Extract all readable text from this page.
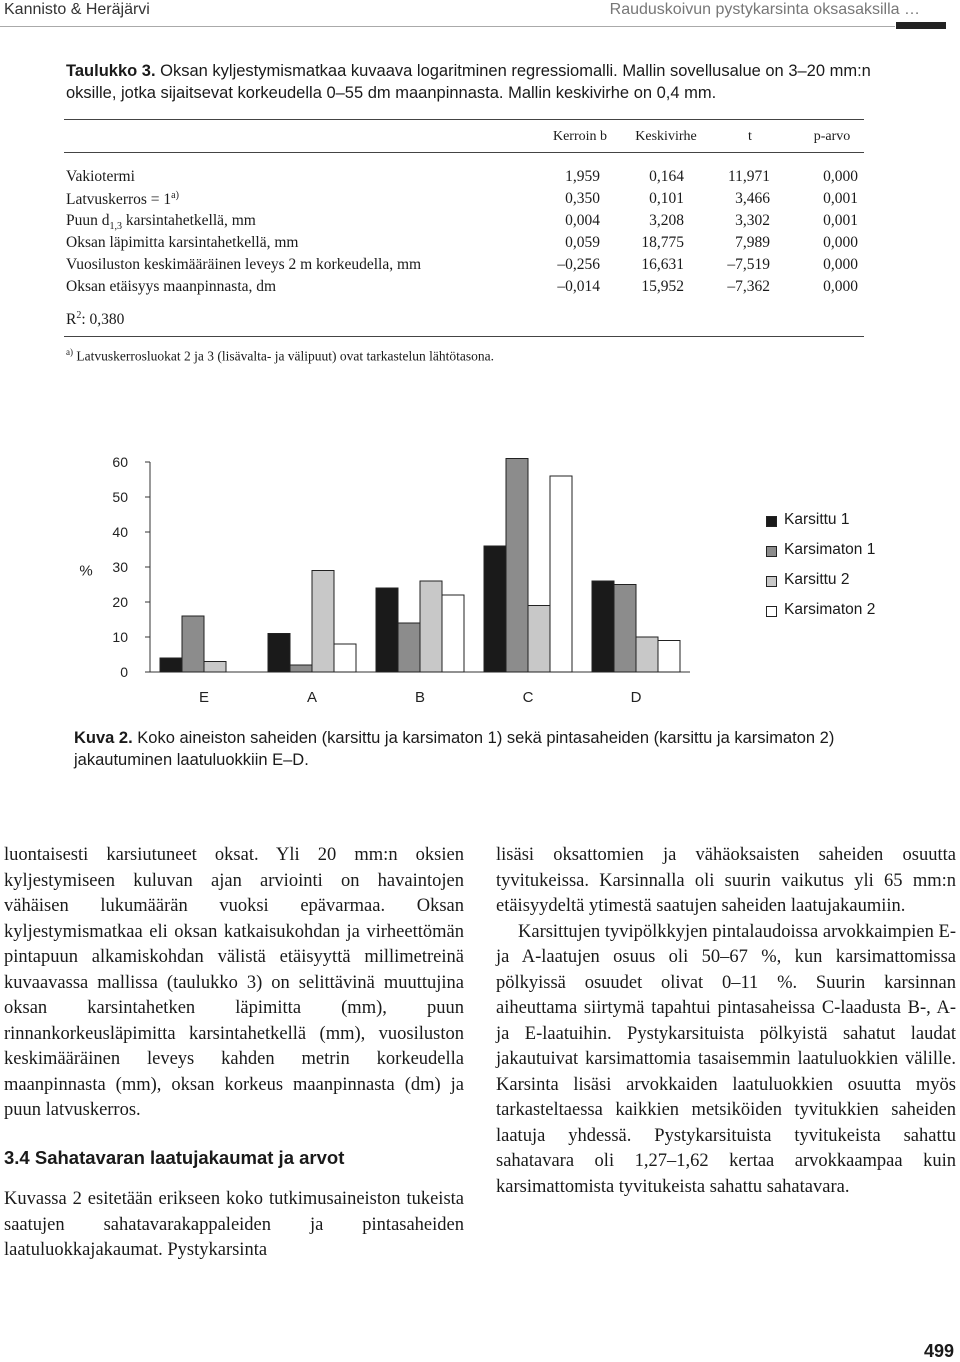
Kannisto & Heräjärvi	Rauduskoivun pystykarsinta oksasaksilla …
Taulukko 3. Oksan kyljestymismatkaa kuvaava logaritminen regressiomalli. Mallin sovellusalue on 3–20 mm:n oksille, jotka sijaitsevat korkeudella 0–55 dm maanpinnasta. Mallin keskivirhe on 0,4 mm.
Kerroin b	Keskivirhe	t	p-arvo
Vakiotermi	1,959	0,164	11,971	0,000
Latvuskerros = $1^{a)}$	0,350	0,101	3,466	0,001
Puun $d_{1,3}$ karsintahetkellä, mm	0,004	3,208	3,302	0,001
Oksan läpimitta karsintahetkellä, mm	0,059	18,775	7,989	0,000
Vuosiluston keskimääräinen leveys 2 m korkeudella, mm	–0,256	16,631	–7,519	0,000
Oksan etäisyys maanpinnasta, dm	–0,014	15,952	–7,362	0,000
$R^2$: 0,380
$^{a)}$ Latvuskerrosluokat 2 ja 3 (lisävalta- ja välipuut) ovat tarkastelun lähtötasona.
0
10
20
30
40
50
60
%
E	A	B	C	D
Karsittu 1
Karsimaton 1
Karsittu 2
Karsimaton 2
Kuva 2. Koko aineiston saheiden (karsittu ja karsimaton 1) sekä pintasaheiden (karsittu ja karsimaton 2) jakautuminen laatuluokkiin E–D.

luontaisesti karsiutuneet oksat. Yli 20 mm:n oksien kyljestymiseen kuluvan ajan arviointi on havaintojen vähäisen lukumäärän vuoksi epävarmaa. Oksan kyljestymismatkaa eli oksan katkaisukohdan ja virheettömän pintapuun alkamiskohdan välistä etäisyyttä millimetreinä kuvaavassa mallissa (taulukko 3) on selittävinä muuttujina oksan karsintahetken läpimitta (mm), puun rinnankorkeusläpimitta karsintahetkellä (mm), vuosiluston keskimääräinen leveys kahden metrin korkeudella maanpinnasta (mm), oksan korkeus maanpinnasta (dm) ja puun latvuskerros.

3.4 Sahatavaran laatujakaumat ja arvot

Kuvassa 2 esitetään erikseen koko tutkimusaineiston tukeista saatujen sahatavarakappaleiden ja pintasaheiden laatuluokkajakaumat. Pystykarsinta

lisäsi oksattomien ja vähäoksaisten saheiden osuutta tyvitukeissa. Karsinnalla oli suurin vaikutus yli 65 mm:n etäisyydeltä ytimestä saatujen saheiden laatujakaumiin.

Karsittujen tyvipölkkyjen pintalaudoissa arvokkaimpien E- ja A-laatujen osuus oli 50–67 %, kun karsimattomissa pölkyissä osuudet olivat 0–11 %. Suurin karsinnan aiheuttama siirtymä tapahtui pintasaheissa C-laadusta B-, A- ja E-laatuihin. Pystykarsituista pölkyistä sahatut laudat jakautuivat karsimattomia tasaisemmin laatuluokkien välille. Karsinta lisäsi arvokkaiden laatuluokkien osuutta myös tarkasteltaessa kaikkien metsiköiden tyvitukkien saheiden laatuja yhdessä. Pystykarsituista tyvitukeista sahattu sahatavara oli 1,27–1,62 kertaa arvokkaampaa kuin karsimattomista tyvitukeista sahattu sahatavara.

499
